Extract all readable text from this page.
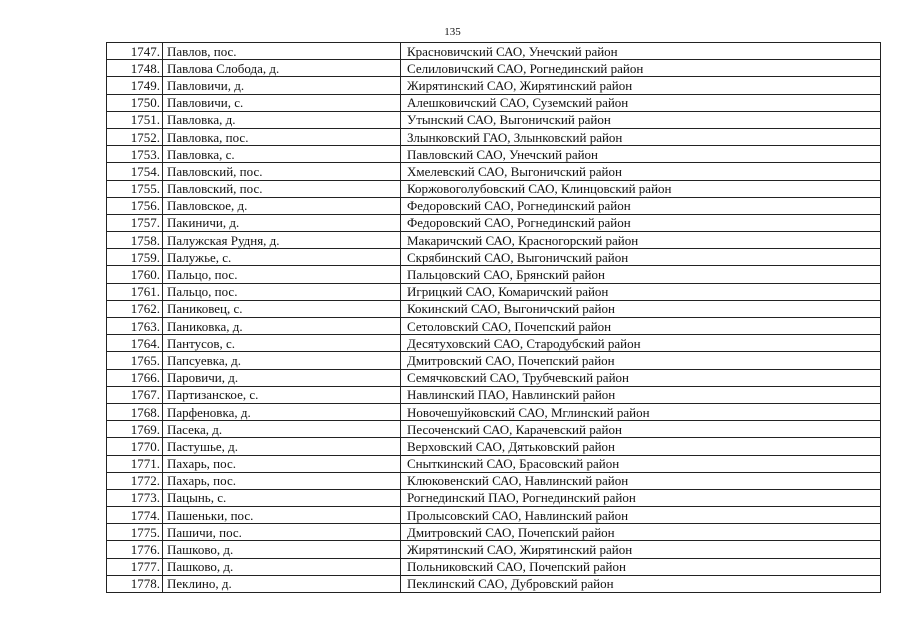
135
1747.	Павлов, пос.	Красновичский САО, Унечский район
1748.	Павлова Слобода, д.	Селиловичский САО, Рогнединский район
1749.	Павловичи, д.	Жирятинский САО, Жирятинский район
1750.	Павловичи, с.	Алешковичский САО, Суземский район
1751.	Павловка, д.	Утынский САО, Выгоничский район
1752.	Павловка, пос.	Злынковский ГАО, Злынковский район
1753.	Павловка, с.	Павловский САО, Унечский район
1754.	Павловский, пос.	Хмелевский САО, Выгоничский район
1755.	Павловский, пос.	Коржовоголубовский САО, Клинцовский район
1756.	Павловское, д.	Федоровский САО, Рогнединский район
1757.	Пакиничи, д.	Федоровский САО, Рогнединский район
1758.	Палужская Рудня, д.	Макаричский САО, Красногорский район
1759.	Палужье, с.	Скрябинский САО, Выгоничский район
1760.	Пальцо, пос.	Пальцовский САО, Брянский район
1761.	Пальцо, пос.	Игрицкий САО, Комаричский район
1762.	Паниковец, с.	Кокинский САО, Выгоничский район
1763.	Паниковка, д.	Сетоловский САО, Почепский район
1764.	Пантусов, с.	Десятуховский САО, Стародубский район
1765.	Папсуевка, д.	Дмитровский САО, Почепский район
1766.	Паровичи, д.	Семячковский САО, Трубчевский район
1767.	Партизанское, с.	Навлинский ПАО, Навлинский район
1768.	Парфеновка, д.	Новочешуйковский САО, Мглинский район
1769.	Пасека, д.	Песоченский САО, Карачевский район
1770.	Пастушье, д.	Верховский САО, Дятьковский район
1771.	Пахарь, пос.	Сныткинский САО, Брасовский район
1772.	Пахарь, пос.	Клюковенский САО, Навлинский район
1773.	Пацынь, с.	Рогнединский ПАО, Рогнединский район
1774.	Пашеньки, пос.	Пролысовский САО, Навлинский район
1775.	Пашичи, пос.	Дмитровский САО, Почепский район
1776.	Пашково, д.	Жирятинский САО, Жирятинский район
1777.	Пашково, д.	Польниковский САО, Почепский район
1778.	Пеклино, д.	Пеклинский САО, Дубровский район
